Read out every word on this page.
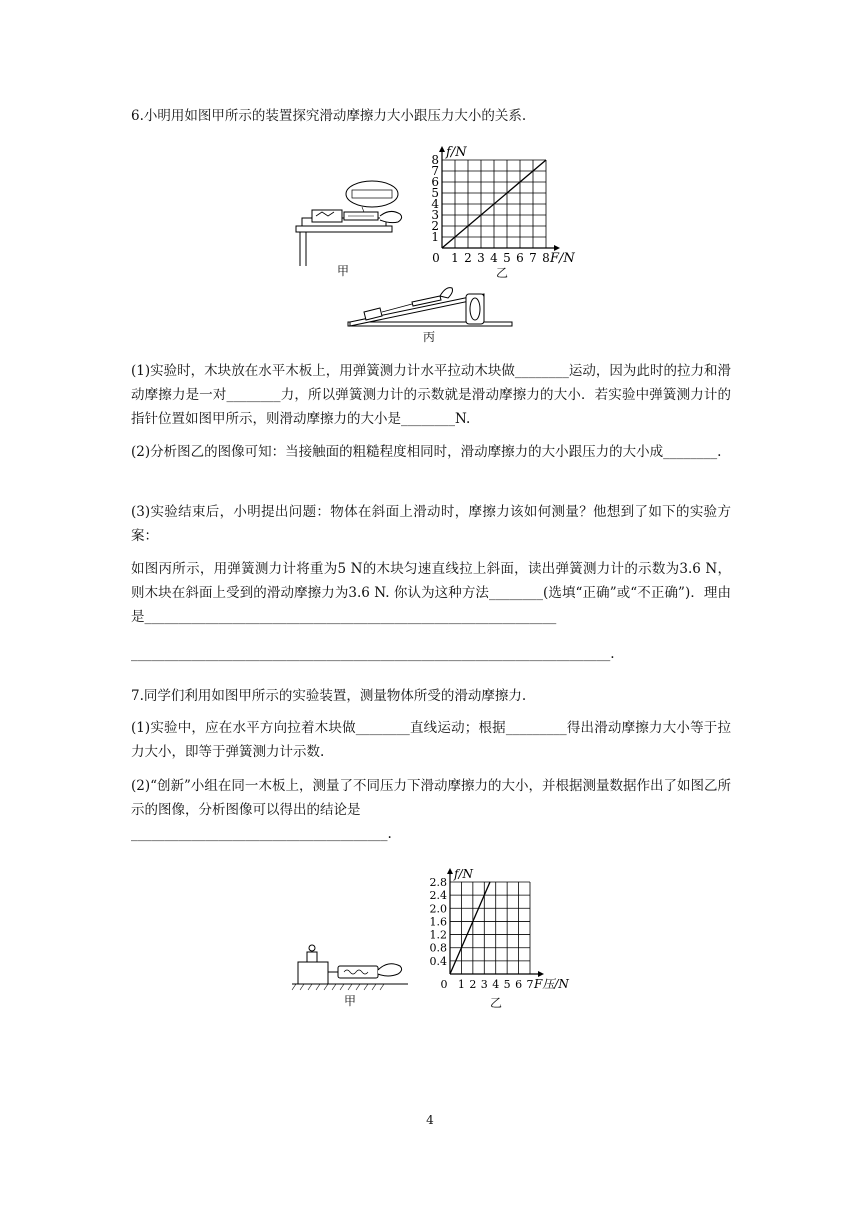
6.小明用如图甲所示的装置探究滑动摩擦力大小跟压力大小的关系.

甲
0 1 2 3 4 5 6 7 8
1
2
3
4
5
6
7
8 f/N
F/N
乙
丙

(1)实验时，木块放在水平木板上，用弹簧测力计水平拉动木块做________运动，因为此时的拉力和滑动摩擦力是一对________力，所以弹簧测力计的示数就是滑动摩擦力的大小．若实验中弹簧测力计的指针位置如图甲所示，则滑动摩擦力的大小是________N.

(2)分析图乙的图像可知：当接触面的粗糙程度相同时，滑动摩擦力的大小跟压力的大小成________.

(3)实验结束后，小明提出问题：物体在斜面上滑动时，摩擦力该如何测量？他想到了如下的实验方案：

如图丙所示，用弹簧测力计将重为5 N的木块匀速直线拉上斜面，读出弹簧测力计的示数为3.6 N，则木块在斜面上受到的滑动摩擦力为3.6 N. 你认为这种方法________(选填“正确”或“不正确”)．理由是_____________________________________________________________

_______________________________________________________________________.

7.同学们利用如图甲所示的实验装置，测量物体所受的滑动摩擦力.

(1)实验中，应在水平方向拉着木块做________直线运动；根据_________得出滑动摩擦力大小等于拉力大小，即等于弹簧测力计示数.

(2)“创新”小组在同一木板上，测量了不同压力下滑动摩擦力的大小，并根据测量数据作出了如图乙所示的图像，分析图像可以得出的结论是

______________________________________.

甲
0 1 2 3 4 5 6 7
0.4
0.8
1.2
1.6
2.0
2.4
2.8
f/N
F压/N
乙
4
